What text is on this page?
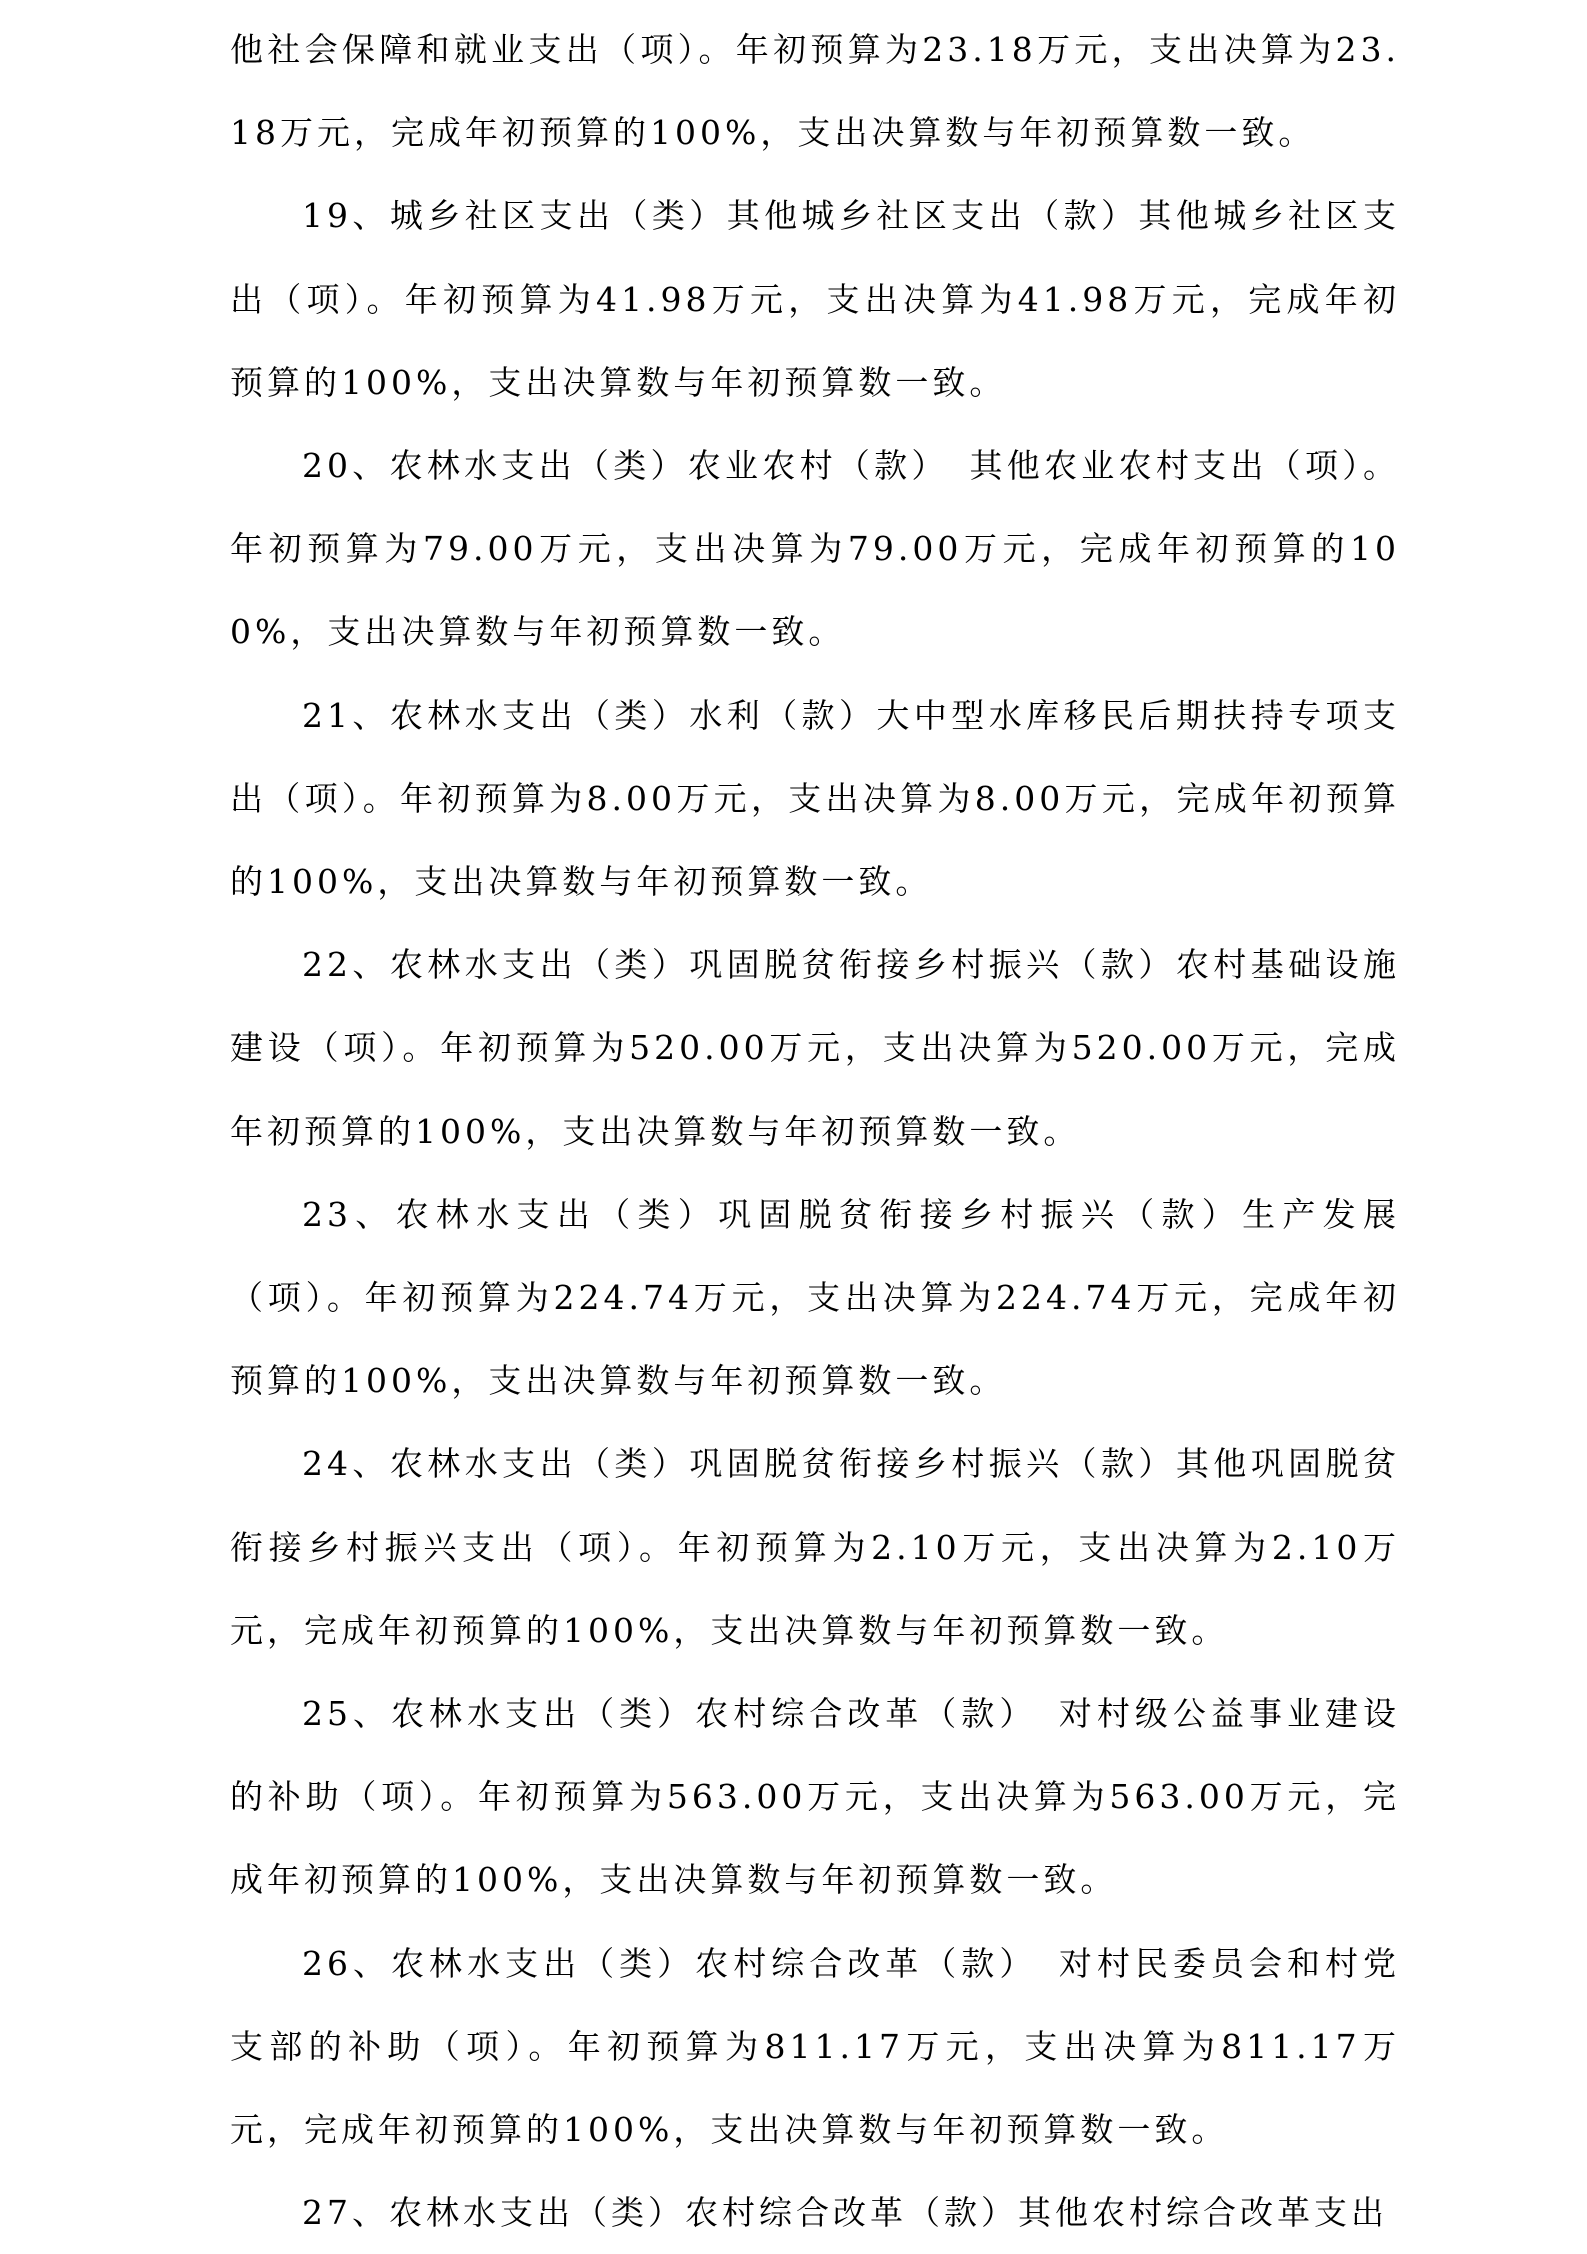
他社会保障和就业支出（项）。年初预算为23.18万元，支出决算为23.18万元，完成年初预算的100%，支出决算数与年初预算数一致。

19、城乡社区支出（类）其他城乡社区支出（款）其他城乡社区支出（项）。年初预算为41.98万元，支出决算为41.98万元，完成年初预算的100%，支出决算数与年初预算数一致。

20、农林水支出（类）农业农村（款）　其他农业农村支出（项）。年初预算为79.00万元，支出决算为79.00万元，完成年初预算的100%，支出决算数与年初预算数一致。

21、农林水支出（类）水利（款）大中型水库移民后期扶持专项支出（项）。年初预算为8.00万元，支出决算为8.00万元，完成年初预算的100%，支出决算数与年初预算数一致。

22、农林水支出（类）巩固脱贫衔接乡村振兴（款）农村基础设施建设（项）。年初预算为520.00万元，支出决算为520.00万元，完成年初预算的100%，支出决算数与年初预算数一致。

23、农林水支出（类）巩固脱贫衔接乡村振兴（款）生产发展（项）。年初预算为224.74万元，支出决算为224.74万元，完成年初预算的100%，支出决算数与年初预算数一致。

24、农林水支出（类）巩固脱贫衔接乡村振兴（款）其他巩固脱贫衔接乡村振兴支出（项）。年初预算为2.10万元，支出决算为2.10万元，完成年初预算的100%，支出决算数与年初预算数一致。

25、农林水支出（类）农村综合改革（款）　对村级公益事业建设的补助（项）。年初预算为563.00万元，支出决算为563.00万元，完成年初预算的100%，支出决算数与年初预算数一致。

26、农林水支出（类）农村综合改革（款）　对村民委员会和村党支部的补助（项）。年初预算为811.17万元，支出决算为811.17万元，完成年初预算的100%，支出决算数与年初预算数一致。

27、农林水支出（类）农村综合改革（款）其他农村综合改革支出
